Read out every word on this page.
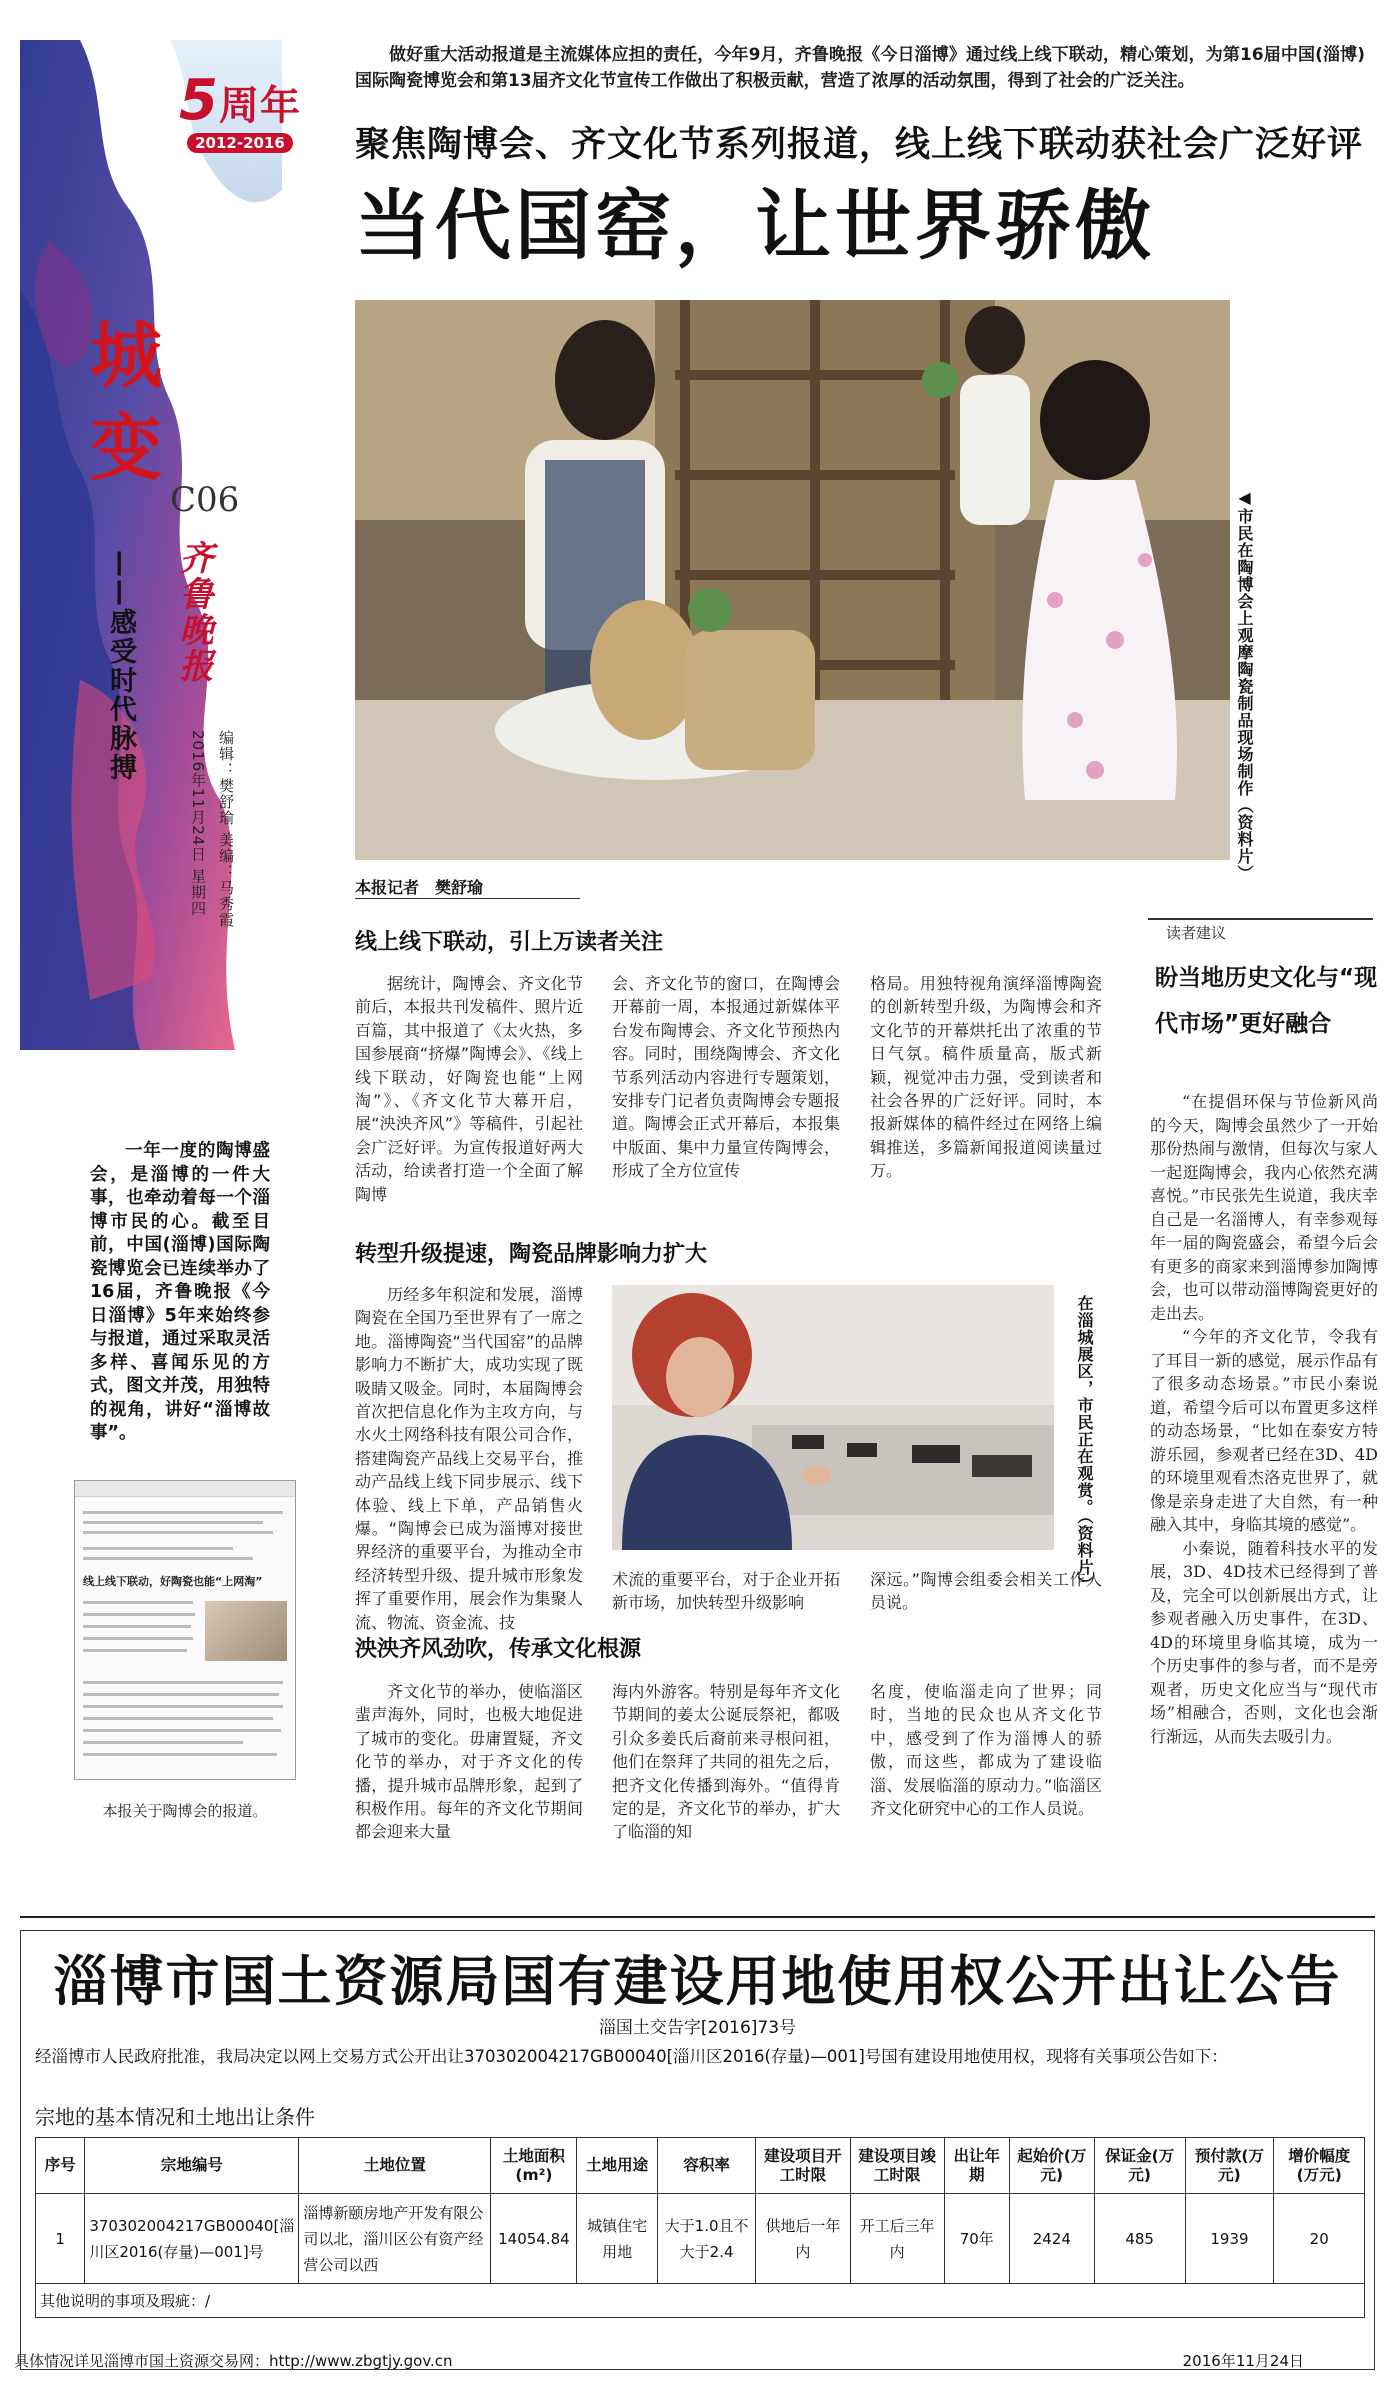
5周年
2012-2016
城变
C06
——感受时代脉搏 齐鲁晚报
2016年11月24日 星期四 编辑：樊舒瑜 美编：马秀霞
一年一度的陶博盛会，是淄博的一件大事，也牵动着每一个淄博市民的心。截至目前，中国(淄博)国际陶瓷博览会已连续举办了16届，齐鲁晚报《今日淄博》5年来始终参与报道，通过采取灵活多样、喜闻乐见的方式，图文并茂，用独特的视角，讲好“淄博故事”。
线上线下联动，好陶瓷也能“上网淘”
本报关于陶博会的报道。
做好重大活动报道是主流媒体应担的责任，今年9月，齐鲁晚报《今日淄博》通过线上线下联动，精心策划，为第16届中国(淄博)国际陶瓷博览会和第13届齐文化节宣传工作做出了积极贡献，营造了浓厚的活动氛围，得到了社会的广泛关注。
聚焦陶博会、齐文化节系列报道，线上线下联动获社会广泛好评
当代国窑，让世界骄傲
◀市民在陶博会上观摩陶瓷制品现场制作（资料片）
本报记者　樊舒瑜
线上线下联动，引上万读者关注

据统计，陶博会、齐文化节前后，本报共刊发稿件、照片近百篇，其中报道了《太火热，多国参展商“挤爆”陶博会》、《线上线下联动，好陶瓷也能“上网淘”》、《齐文化节大幕开启，展“泱泱齐风”》等稿件，引起社会广泛好评。为宣传报道好两大活动，给读者打造一个全面了解陶博

会、齐文化节的窗口，在陶博会开幕前一周，本报通过新媒体平台发布陶博会、齐文化节预热内容。同时，围绕陶博会、齐文化节系列活动内容进行专题策划，安排专门记者负责陶博会专题报道。陶博会正式开幕后，本报集中版面、集中力量宣传陶博会，形成了全方位宣传

格局。用独特视角演绎淄博陶瓷的创新转型升级，为陶博会和齐文化节的开幕烘托出了浓重的节日气氛。稿件质量高，版式新颖，视觉冲击力强，受到读者和社会各界的广泛好评。同时，本报新媒体的稿件经过在网络上编辑推送，多篇新闻报道阅读量过万。

转型升级提速，陶瓷品牌影响力扩大

历经多年积淀和发展，淄博陶瓷在全国乃至世界有了一席之地。淄博陶瓷“当代国窑”的品牌影响力不断扩大，成功实现了既吸睛又吸金。同时，本届陶博会首次把信息化作为主攻方向，与水火土网络科技有限公司合作，搭建陶瓷产品线上交易平台，推动产品线上线下同步展示、线下体验、线上下单，产品销售火爆。“陶博会已成为淄博对接世界经济的重要平台，为推动全市经济转型升级、提升城市形象发挥了重要作用，展会作为集聚人流、物流、资金流、技

在淄城展区，市民正在观赏。（资料片）

术流的重要平台，对于企业开拓新市场，加快转型升级影响

深远。”陶博会组委会相关工作人员说。

泱泱齐风劲吹，传承文化根源

齐文化节的举办，使临淄区蜚声海外，同时，也极大地促进了城市的变化。毋庸置疑，齐文化节的举办，对于齐文化的传播，提升城市品牌形象，起到了积极作用。每年的齐文化节期间都会迎来大量

海内外游客。特别是每年齐文化节期间的姜太公诞辰祭祀，都吸引众多姜氏后裔前来寻根问祖，他们在祭拜了共同的祖先之后，把齐文化传播到海外。“值得肯定的是，齐文化节的举办，扩大了临淄的知

名度，使临淄走向了世界；同时，当地的民众也从齐文化节中，感受到了作为淄博人的骄傲，而这些，都成为了建设临淄、发展临淄的原动力。”临淄区齐文化研究中心的工作人员说。

读者建议
盼当地历史文化与“现代市场”更好融合

“在提倡环保与节俭新风尚的今天，陶博会虽然少了一开始那份热闹与激情，但每次与家人一起逛陶博会，我内心依然充满喜悦。”市民张先生说道，我庆幸自己是一名淄博人，有幸参观每年一届的陶瓷盛会，希望今后会有更多的商家来到淄博参加陶博会，也可以带动淄博陶瓷更好的走出去。

“今年的齐文化节，令我有了耳目一新的感觉，展示作品有了很多动态场景。”市民小秦说道，希望今后可以布置更多这样的动态场景，“比如在泰安方特游乐园，参观者已经在3D、4D的环境里观看杰洛克世界了，就像是亲身走进了大自然，有一种融入其中，身临其境的感觉”。

小秦说，随着科技水平的发展，3D、4D技术已经得到了普及，完全可以创新展出方式，让参观者融入历史事件，在3D、4D的环境里身临其境，成为一个历史事件的参与者，而不是旁观者，历史文化应当与“现代市场”相融合，否则，文化也会渐行渐远，从而失去吸引力。

淄博市国土资源局国有建设用地使用权公开出让公告
淄国土交告字[2016]73号
经淄博市人民政府批准，我局决定以网上交易方式公开出让370302004217GB00040[淄川区2016(存量)—001]号国有建设用地使用权，现将有关事项公告如下：
宗地的基本情况和土地出让条件
序号	宗地编号	土地位置	土地面积(m²)	土地用途	容积率	建设项目开工时限	建设项目竣工时限	出让年期	起始价(万元)	保证金(万元)	预付款(万元)	增价幅度(万元)
1	370302004217GB00040[淄川区2016(存量)—001]号	淄博新颐房地产开发有限公司以北，淄川区公有资产经营公司以西	14054.84	城镇住宅用地	大于1.0且不大于2.4	供地后一年内	开工后三年内	70年	2424	485	1939	20
其他说明的事项及瑕疵：/												
具体情况详见淄博市国土资源交易网：http://www.zbgtjy.gov.cn	2016年11月24日
